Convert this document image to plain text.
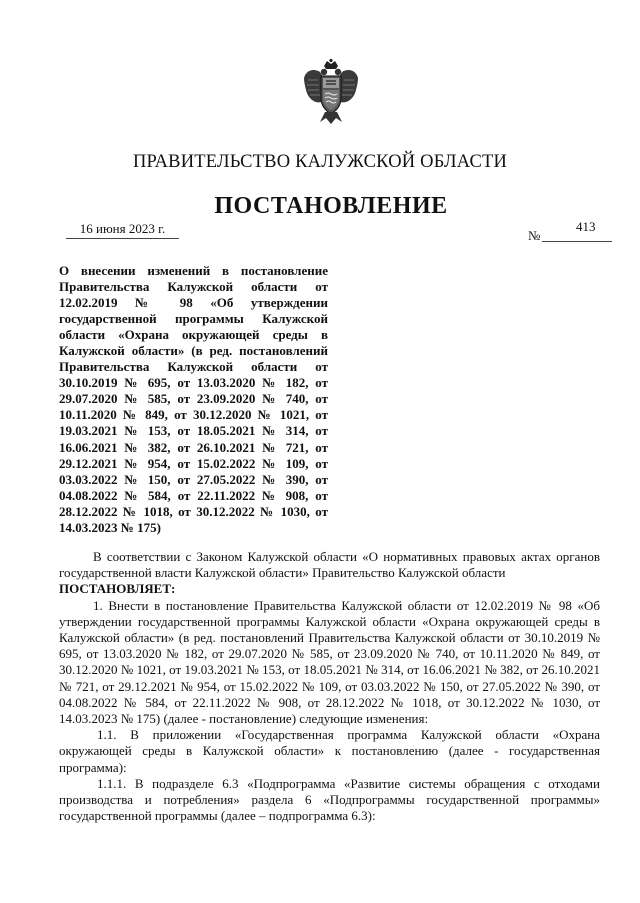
ПРАВИТЕЛЬСТВО КАЛУЖСКОЙ ОБЛАСТИ
ПОСТАНОВЛЕНИЕ
16 июня 2023 г.	№
413
О внесении изменений в постановление Правительства Калужской области от 12.02.2019 № 98 «Об утверждении государственной программы Калужской области «Охрана окружающей среды в Калужской области» (в ред. постановлений Правительства Калужской области от 30.10.2019 № 695, от 13.03.2020 № 182, от 29.07.2020 № 585, от 23.09.2020 № 740, от 10.11.2020 № 849, от 30.12.2020 № 1021, от 19.03.2021 № 153, от 18.05.2021 № 314, от 16.06.2021 № 382, от 26.10.2021 № 721, от 29.12.2021 № 954, от 15.02.2022 № 109, от 03.03.2022 № 150, от 27.05.2022 № 390, от 04.08.2022 № 584, от 22.11.2022 № 908, от 28.12.2022 № 1018, от 30.12.2022 № 1030, от 14.03.2023 № 175)

В соответствии с Законом Калужской области «О нормативных правовых актах органов государственной власти Калужской области» Правительство Калужской области

ПОСТАНОВЛЯЕТ:

1. Внести в постановление Правительства Калужской области от 12.02.2019 № 98 «Об утверждении государственной программы Калужской области «Охрана окружающей среды в Калужской области» (в ред. постановлений Правительства Калужской области от 30.10.2019 № 695, от 13.03.2020 № 182, от 29.07.2020 № 585, от 23.09.2020 № 740, от 10.11.2020 № 849, от 30.12.2020 № 1021, от 19.03.2021 № 153, от 18.05.2021 № 314, от 16.06.2021 № 382, от 26.10.2021 № 721, от 29.12.2021 № 954, от 15.02.2022 № 109, от 03.03.2022 № 150, от 27.05.2022 № 390, от 04.08.2022 № 584, от 22.11.2022 № 908, от 28.12.2022 № 1018, от 30.12.2022 № 1030, от 14.03.2023 № 175) (далее - постановление) следующие изменения:

1.1. В приложении «Государственная программа Калужской области «Охрана окружающей среды в Калужской области» к постановлению (далее - государственная программа):

1.1.1. В подразделе 6.3 «Подпрограмма «Развитие системы обращения с отходами производства и потребления» раздела 6 «Подпрограммы государственной программы» государственной программы (далее – подпрограмма 6.3):
